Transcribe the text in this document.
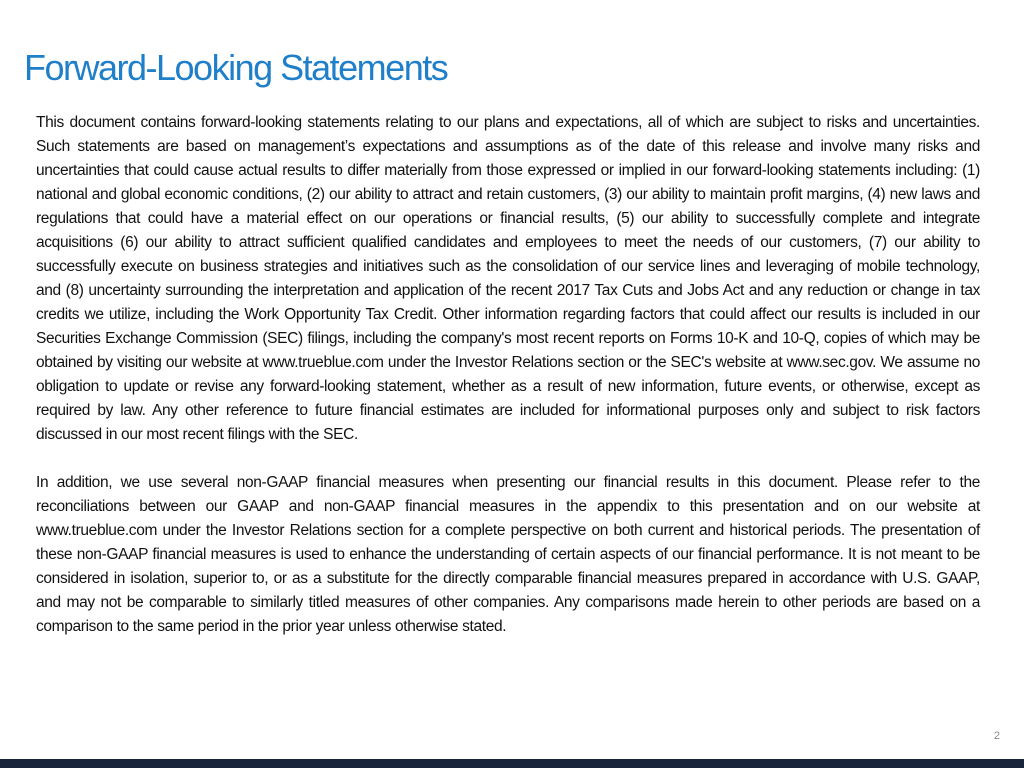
Forward-Looking Statements

This document contains forward-looking statements relating to our plans and expectations, all of which are subject to risks and uncertainties. Such statements are based on management’s expectations and assumptions as of the date of this release and involve many risks and uncertainties that could cause actual results to differ materially from those expressed or implied in our forward-looking statements including: (1) national and global economic conditions, (2) our ability to attract and retain customers, (3) our ability to maintain profit margins, (4) new laws and regulations that could have a material effect on our operations or financial results, (5) our ability to successfully complete and integrate acquisitions (6) our ability to attract sufficient qualified candidates and employees to meet the needs of our customers, (7) our ability to successfully execute on business strategies and initiatives such as the consolidation of our service lines and leveraging of mobile technology, and (8) uncertainty surrounding the interpretation and application of the recent 2017 Tax Cuts and Jobs Act and any reduction or change in tax credits we utilize, including the Work Opportunity Tax Credit. Other information regarding factors that could affect our results is included in our Securities Exchange Commission (SEC) filings, including the company's most recent reports on Forms 10-K and 10-Q, copies of which may be obtained by visiting our website at www.trueblue.com under the Investor Relations section or the SEC's website at www.sec.gov. We assume no obligation to update or revise any forward-looking statement, whether as a result of new information, future events, or otherwise, except as required by law. Any other reference to future financial estimates are included for informational purposes only and subject to risk factors discussed in our most recent filings with the SEC.

In addition, we use several non-GAAP financial measures when presenting our financial results in this document. Please refer to the reconciliations between our GAAP and non-GAAP financial measures in the appendix to this presentation and on our website at www.trueblue.com under the Investor Relations section for a complete perspective on both current and historical periods. The presentation of these non-GAAP financial measures is used to enhance the understanding of certain aspects of our financial performance. It is not meant to be considered in isolation, superior to, or as a substitute for the directly comparable financial measures prepared in accordance with U.S. GAAP, and may not be comparable to similarly titled measures of other companies. Any comparisons made herein to other periods are based on a comparison to the same period in the prior year unless otherwise stated.

2
